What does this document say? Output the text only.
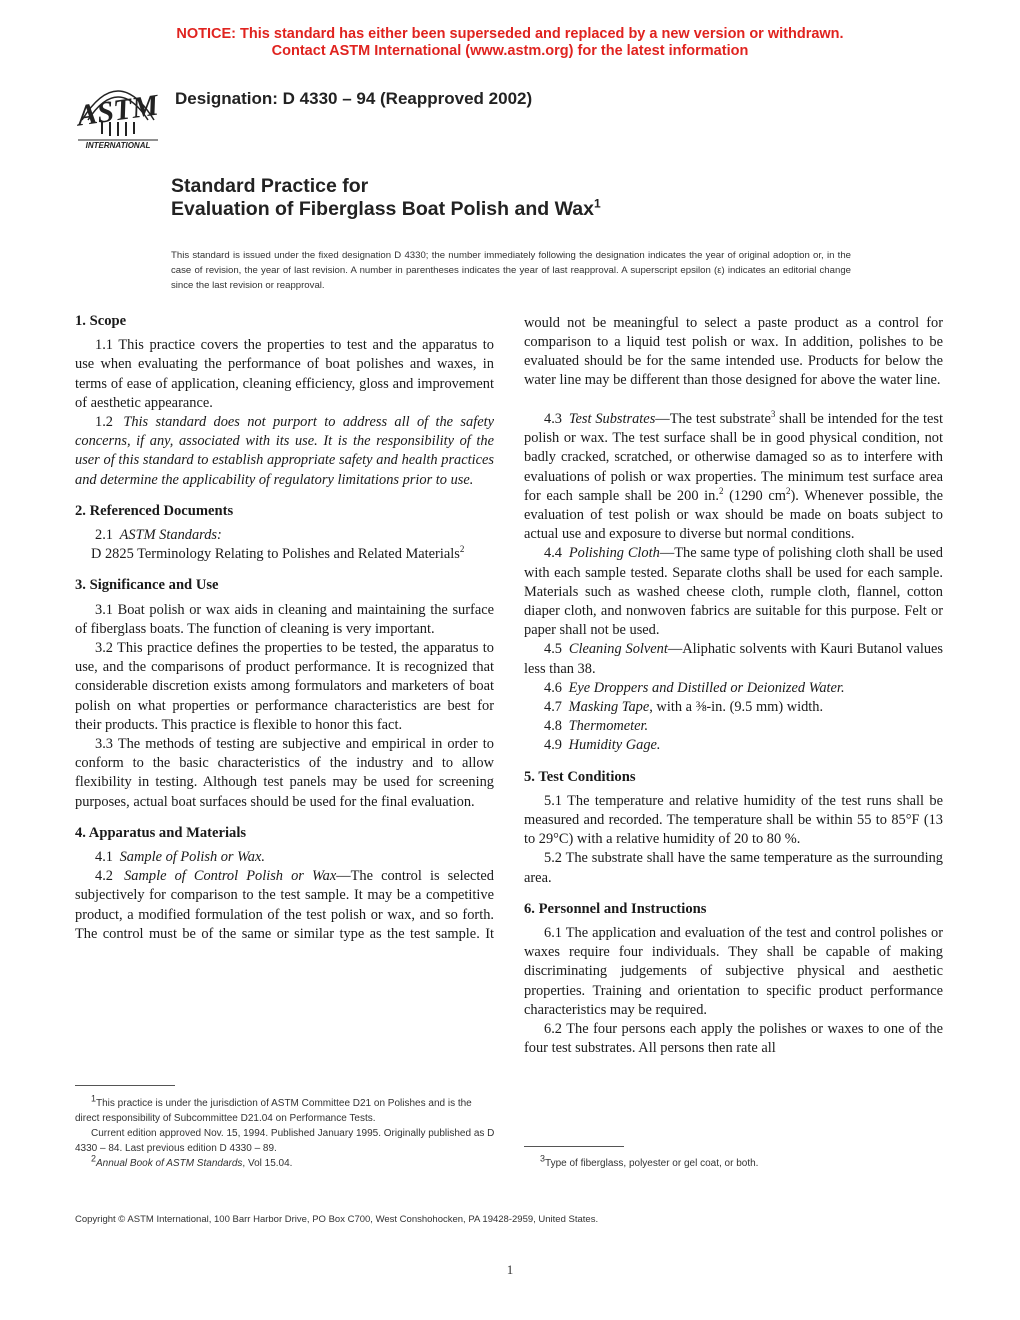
NOTICE: This standard has either been superseded and replaced by a new version or withdrawn.
Contact ASTM International (www.astm.org) for the latest information
ASTM
INTERNATIONAL
Designation: D 4330 – 94 (Reapproved 2002)
Standard Practice for
Evaluation of Fiberglass Boat Polish and Wax$^1$
This standard is issued under the fixed designation D 4330; the number immediately following the designation indicates the year of original adoption or, in the case of revision, the year of last revision. A number in parentheses indicates the year of last reapproval. A superscript epsilon (ε) indicates an editorial change since the last revision or reapproval.
1. Scope

1.1 This practice covers the properties to test and the apparatus to use when evaluating the performance of boat polishes and waxes, in terms of ease of application, cleaning efficiency, gloss and improvement of aesthetic appearance.

1.2 This standard does not purport to address all of the safety concerns, if any, associated with its use. It is the responsibility of the user of this standard to establish appropriate safety and health practices and determine the applicability of regulatory limitations prior to use.

2. Referenced Documents

2.1 ASTM Standards:

D 2825 Terminology Relating to Polishes and Related Materials$^2$

3. Significance and Use

3.1 Boat polish or wax aids in cleaning and maintaining the surface of fiberglass boats. The function of cleaning is very important.

3.2 This practice defines the properties to be tested, the apparatus to use, and the comparisons of product performance. It is recognized that considerable discretion exists among formulators and marketers of boat polish on what properties or performance characteristics are best for their products. This practice is flexible to honor this fact.

3.3 The methods of testing are subjective and empirical in order to conform to the basic characteristics of the industry and to allow flexibility in testing. Although test panels may be used for screening purposes, actual boat surfaces should be used for the final evaluation.

4. Apparatus and Materials

4.1 Sample of Polish or Wax.

4.2 Sample of Control Polish or Wax—The control is selected subjectively for comparison to the test sample. It may be a competitive product, a modified formulation of the test polish or wax, and so forth. The control must be of the same or similar type as the test sample. It

would not be meaningful to select a paste product as a control for comparison to a liquid test polish or wax. In addition, polishes to be evaluated should be for the same intended use. Products for below the water line may be different than those designed for above the water line.

4.3 Test Substrates—The test substrate$^3$ shall be intended for the test polish or wax. The test surface shall be in good physical condition, not badly cracked, scratched, or otherwise damaged so as to interfere with evaluations of polish or wax properties. The minimum test surface area for each sample shall be 200 in.$^2$ (1290 $cm^2$). Whenever possible, the evaluation of test polish or wax should be made on boats subject to actual use and exposure to diverse but normal conditions.

4.4 Polishing Cloth—The same type of polishing cloth shall be used with each sample tested. Separate cloths shall be used for each sample. Materials such as washed cheese cloth, rumple cloth, flannel, cotton diaper cloth, and nonwoven fabrics are suitable for this purpose. Felt or paper shall not be used.

4.5 Cleaning Solvent—Aliphatic solvents with Kauri Butanol values less than 38.

4.6 Eye Droppers and Distilled or Deionized Water.

4.7 Masking Tape, with a ⅜-in. (9.5 mm) width.

4.8 Thermometer.

4.9 Humidity Gage.

5. Test Conditions

5.1 The temperature and relative humidity of the test runs shall be measured and recorded. The temperature shall be within 55 to 85°F (13 to 29°C) with a relative humidity of 20 to 80 %.

5.2 The substrate shall have the same temperature as the surrounding area.

6. Personnel and Instructions

6.1 The application and evaluation of the test and control polishes or waxes require four individuals. They shall be capable of making discriminating judgements of subjective physical and aesthetic properties. Training and orientation to specific product performance characteristics may be required.

6.2 The four persons each apply the polishes or waxes to one of the four test substrates. All persons then rate all

$^1$This practice is under the jurisdiction of ASTM Committee D21 on Polishes and is the direct responsibility of Subcommittee D21.04 on Performance Tests.

Current edition approved Nov. 15, 1994. Published January 1995. Originally published as D 4330 – 84. Last previous edition D 4330 – 89.

$^2$Annual Book of ASTM Standards, Vol 15.04.	$^3$Type of fiberglass, polyester or gel coat, or both.

Copyright © ASTM International, 100 Barr Harbor Drive, PO Box C700, West Conshohocken, PA 19428-2959, United States.
1
